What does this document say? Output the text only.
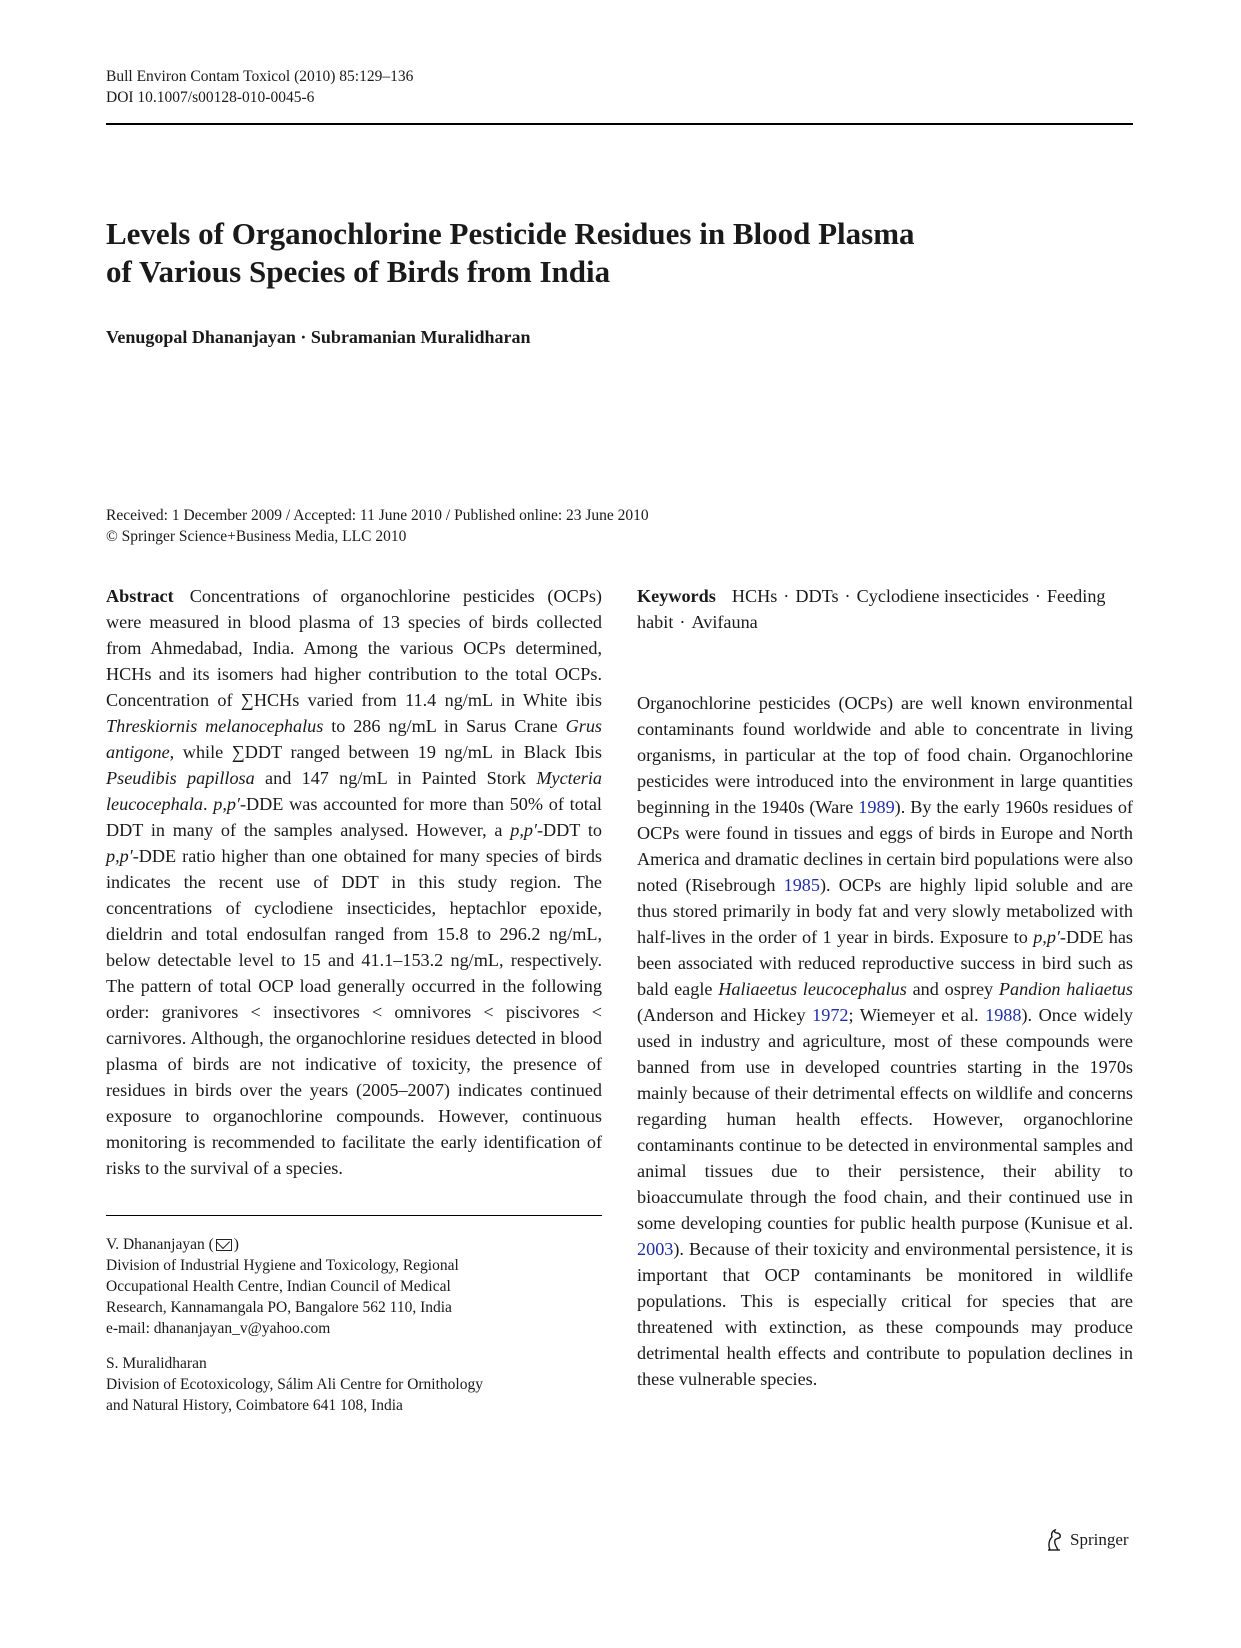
Bull Environ Contam Toxicol (2010) 85:129–136
DOI 10.1007/s00128-010-0045-6
Levels of Organochlorine Pesticide Residues in Blood Plasma
of Various Species of Birds from India
Venugopal Dhananjayan · Subramanian Muralidharan
Received: 1 December 2009 / Accepted: 11 June 2010 / Published online: 23 June 2010
© Springer Science+Business Media, LLC 2010

Abstract Concentrations of organochlorine pesticides (OCPs) were measured in blood plasma of 13 species of birds collected from Ahmedabad, India. Among the various OCPs determined, HCHs and its isomers had higher contribution to the total OCPs. Concentration of ∑HCHs varied from 11.4 ng/mL in White ibis Threskiornis melanocephalus to 286 ng/mL in Sarus Crane Grus antigone, while ∑DDT ranged between 19 ng/mL in Black Ibis Pseudibis papillosa and 147 ng/mL in Painted Stork Mycteria leucocephala. p,p′-DDE was accounted for more than 50% of total DDT in many of the samples analysed. However, a p,p′-DDT to p,p′-DDE ratio higher than one obtained for many species of birds indicates the recent use of DDT in this study region. The concentrations of cyclodiene insecticides, heptachlor epoxide, dieldrin and total endosulfan ranged from 15.8 to 296.2 ng/mL, below detectable level to 15 and 41.1–153.2 ng/mL, respectively. The pattern of total OCP load generally occurred in the following order: granivores < insectivores < omnivores < piscivores < carnivores. Although, the organochlorine residues detected in blood plasma of birds are not indicative of toxicity, the presence of residues in birds over the years (2005–2007) indicates continued exposure to organochlorine compounds. However, continuous monitoring is recommended to facilitate the early identification of risks to the survival of a species.

V. Dhananjayan ( )
Division of Industrial Hygiene and Toxicology, Regional
Occupational Health Centre, Indian Council of Medical
Research, Kannamangala PO, Bangalore 562 110, India
e-mail: dhananjayan_v@yahoo.com
S. Muralidharan
Division of Ecotoxicology, Sálim Ali Centre for Ornithology
and Natural History, Coimbatore 641 108, India

Keywords HCHs · DDTs · Cyclodiene insecticides · Feeding habit · Avifauna

Organochlorine pesticides (OCPs) are well known environmental contaminants found worldwide and able to concentrate in living organisms, in particular at the top of food chain. Organochlorine pesticides were introduced into the environment in large quantities beginning in the 1940s (Ware 1989). By the early 1960s residues of OCPs were found in tissues and eggs of birds in Europe and North America and dramatic declines in certain bird populations were also noted (Risebrough 1985). OCPs are highly lipid soluble and are thus stored primarily in body fat and very slowly metabolized with half-lives in the order of 1 year in birds. Exposure to p,p′-DDE has been associated with reduced reproductive success in bird such as bald eagle Haliaeetus leucocephalus and osprey Pandion haliaetus (Anderson and Hickey 1972; Wiemeyer et al. 1988). Once widely used in industry and agriculture, most of these compounds were banned from use in developed countries starting in the 1970s mainly because of their detrimental effects on wildlife and concerns regarding human health effects. However, organochlorine contaminants continue to be detected in environmental samples and animal tissues due to their persistence, their ability to bioaccumulate through the food chain, and their continued use in some developing counties for public health purpose (Kunisue et al. 2003). Because of their toxicity and environmental persistence, it is important that OCP contaminants be monitored in wildlife populations. This is especially critical for species that are threatened with extinction, as these compounds may produce detrimental health effects and contribute to population declines in these vulnerable species.

Springer
